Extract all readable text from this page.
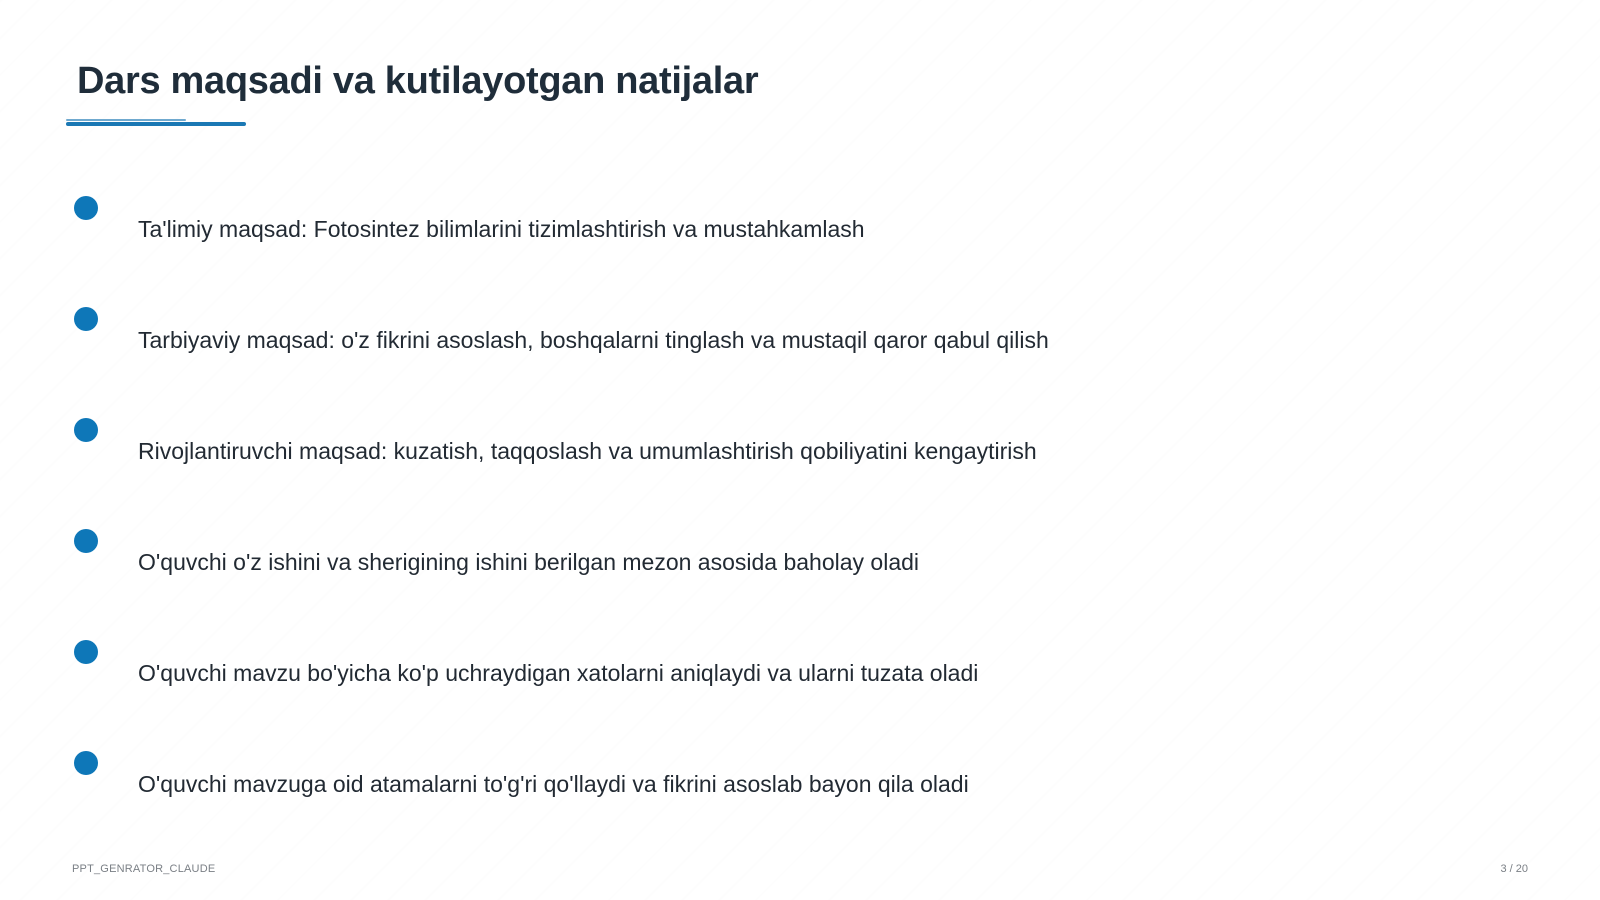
Dars maqsadi va kutilayotgan natijalar
Ta'limiy maqsad: Fotosintez bilimlarini tizimlashtirish va mustahkamlash
Tarbiyaviy maqsad: o'z fikrini asoslash, boshqalarni tinglash va mustaqil qaror qabul qilish
Rivojlantiruvchi maqsad: kuzatish, taqqoslash va umumlashtirish qobiliyatini kengaytirish
O'quvchi o'z ishini va sherigining ishini berilgan mezon asosida baholay oladi
O'quvchi mavzu bo'yicha ko'p uchraydigan xatolarni aniqlaydi va ularni tuzata oladi
O'quvchi mavzuga oid atamalarni to'g'ri qo'llaydi va fikrini asoslab bayon qila oladi
PPT_GENRATOR_CLAUDE	3 / 20
